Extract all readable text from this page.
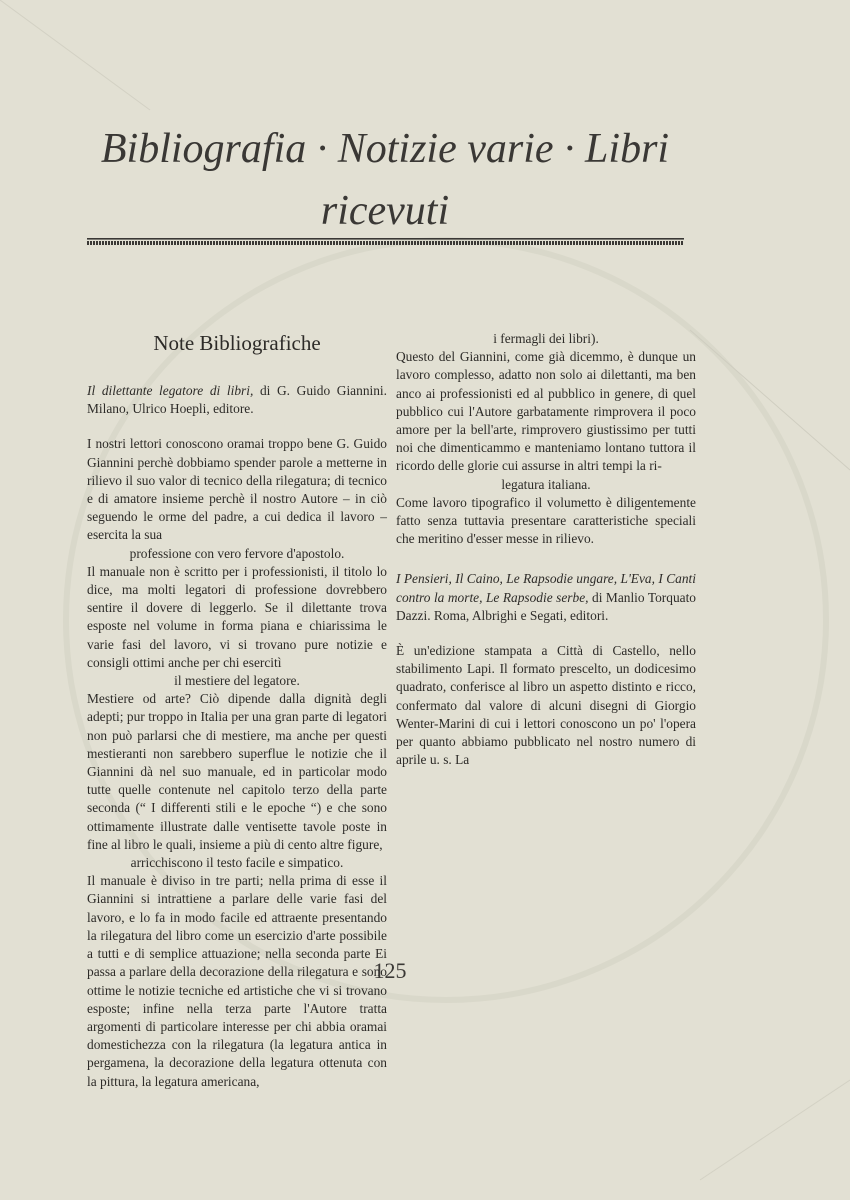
Bibliografia · Notizie varie · Libri
ricevuti

Note Bibliografiche

Il dilettante legatore di libri, di G. Guido Giannini. Milano, Ulrico Hoepli, editore.

I nostri lettori conoscono oramai troppo bene G. Guido Giannini perchè dobbiamo spender parole a metterne in rilievo il suo valor di tecnico della rilegatura; di tecnico e di amatore insieme perchè il nostro Autore – in ciò seguendo le orme del padre, a cui dedica il lavoro – esercita la sua

professione con vero fervore d'apostolo.

Il manuale non è scritto per i professionisti, il titolo lo dice, ma molti legatori di professione dovrebbero sentire il dovere di leggerlo. Se il dilettante trova esposte nel volume in forma piana e chiarissima le varie fasi del lavoro, vi si trovano pure notizie e consigli ottimi anche per chi esercitì

il mestiere del legatore.

Mestiere od arte? Ciò dipende dalla dignità degli adepti; pur troppo in Italia per una gran parte di legatori non può parlarsi che di mestiere, ma anche per questi mestieranti non sarebbero superflue le notizie che il Giannini dà nel suo manuale, ed in particolar modo tutte quelle contenute nel capitolo terzo della parte seconda (“ I differenti stili e le epoche “) e che sono ottimamente illustrate dalle ventisette tavole poste in fine al libro le quali, insieme a più di cento altre figure,

arricchiscono il testo facile e simpatico.

Il manuale è diviso in tre parti; nella prima di esse il Giannini si intrattiene a parlare delle varie fasi del lavoro, e lo fa in modo facile ed attraente presentando la rilegatura del libro come un esercizio d'arte possibile a tutti e di semplice attuazione; nella seconda parte Ei passa a parlare della decorazione della rilegatura e sono ottime le notizie tecniche ed artistiche che vi si trovano esposte; infine nella terza parte l'Autore tratta argomenti di particolare interesse per chi abbia oramai domestichezza con la rilegatura (la legatura antica in pergamena, la decorazione della legatura ottenuta con la pittura, la legatura americana,

i fermagli dei libri).

Questo del Giannini, come già dicemmo, è dunque un lavoro complesso, adatto non solo ai dilettanti, ma ben anco ai professionisti ed al pubblico in genere, di quel pubblico cui l'Autore garbatamente rimprovera il poco amore per la bell'arte, rimprovero giustissimo per tutti noi che dimenticammo e manteniamo lontano tuttora il ricordo delle glorie cui assurse in altri tempi la ri-

legatura italiana.

Come lavoro tipografico il volumetto è diligentemente fatto senza tuttavia presentare caratteristiche speciali che meritino d'esser messe in rilievo.

I Pensieri, Il Caino, Le Rapsodie ungare, L'Eva, I Canti contro la morte, Le Rapsodie serbe, di Manlio Torquato Dazzi. Roma, Albrighi e Segati, editori.

È un'edizione stampata a Città di Castello, nello stabilimento Lapi. Il formato prescelto, un dodicesimo quadrato, conferisce al libro un aspetto distinto e ricco, confermato dal valore di alcuni disegni di Giorgio Wenter-Marini di cui i lettori conoscono un po' l'opera per quanto abbiamo pubblicato nel nostro numero di aprile u. s. La

125
